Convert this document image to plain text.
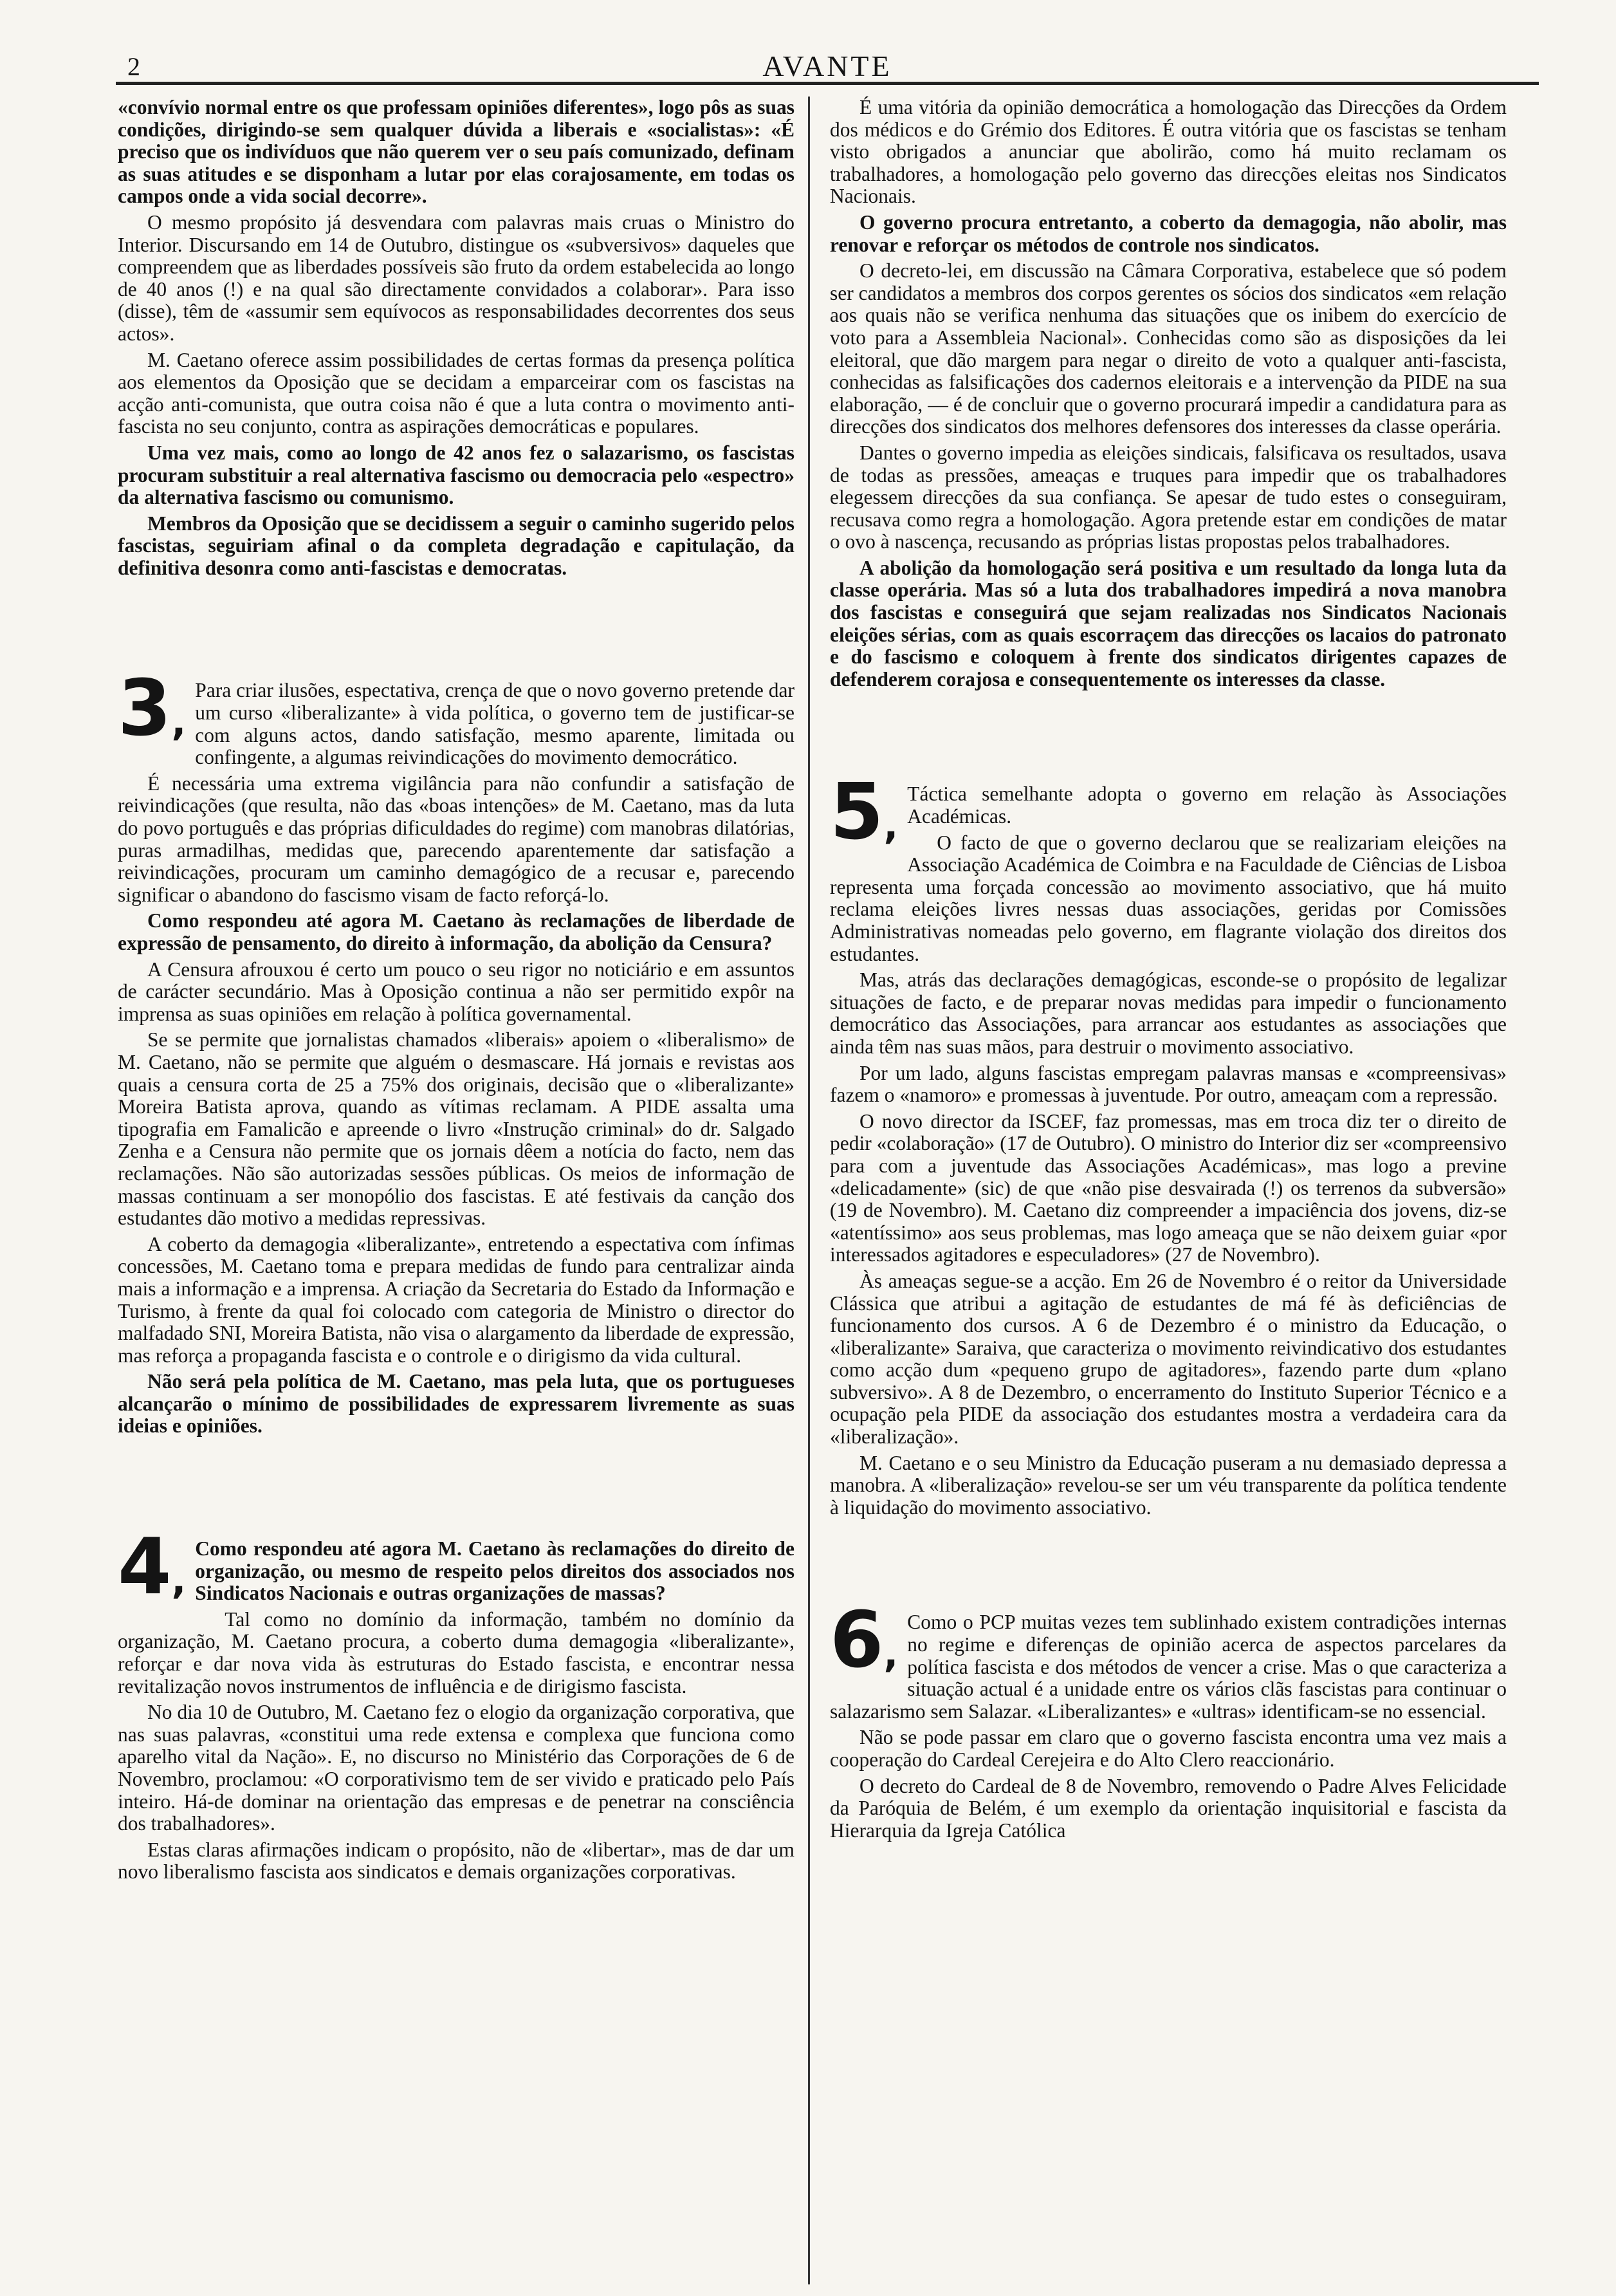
2	AVANTE

«convívio normal entre os que professam opiniões diferentes», logo pôs as suas condições, dirigindo-se sem qualquer dúvida a liberais e «socialistas»: «É preciso que os indivíduos que não querem ver o seu país comunizado, definam as suas atitudes e se disponham a lutar por elas corajosamente, em todas os campos onde a vida social decorre».

O mesmo propósito já desvendara com palavras mais cruas o Ministro do Interior. Discursando em 14 de Outubro, distingue os «subversivos» daqueles que compreendem que as liberdades possíveis são fruto da ordem estabelecida ao longo de 40 anos (!) e na qual são directamente convidados a colaborar». Para isso (disse), têm de «assumir sem equívocos as responsabilidades decorrentes dos seus actos».

M. Caetano oferece assim possibilidades de certas formas da presença política aos elementos da Oposição que se decidam a emparceirar com os fascistas na acção anti-comunista, que outra coisa não é que a luta contra o movimento anti-fascista no seu conjunto, contra as aspirações democráticas e populares.

Uma vez mais, como ao longo de 42 anos fez o salazarismo, os fascistas procuram substituir a real alternativa fascismo ou democracia pelo «espectro» da alternativa fascismo ou comunismo.

Membros da Oposição que se decidissem a seguir o caminho sugerido pelos fascistas, seguiriam afinal o da completa degradação e capitulação, da definitiva desonra como anti-fascistas e democratas.

3,

Para criar ilusões, espectativa, crença de que o novo governo pretende dar um curso «liberalizante» à vida política, o governo tem de justificar-se com alguns actos, dando satisfação, mesmo aparente, limitada ou confingente, a algumas reivindicações do movimento democrático.

É necessária uma extrema vigilância para não confundir a satisfação de reivindicações (que resulta, não das «boas intenções» de M. Caetano, mas da luta do povo português e das próprias dificuldades do regime) com manobras dilatórias, puras armadilhas, medidas que, parecendo aparentemente dar satisfação a reivindicações, procuram um caminho demagógico de a recusar e, parecendo significar o abandono do fascismo visam de facto reforçá-lo.

Como respondeu até agora M. Caetano às reclamações de liberdade de expressão de pensamento, do direito à informação, da abolição da Censura?

A Censura afrouxou é certo um pouco o seu rigor no noticiário e em assuntos de carácter secundário. Mas à Oposição continua a não ser permitido expôr na imprensa as suas opiniões em relação à política governamental.

Se se permite que jornalistas chamados «liberais» apoiem o «liberalismo» de M. Caetano, não se permite que alguém o desmascare. Há jornais e revistas aos quais a censura corta de 25 a 75% dos originais, decisão que o «liberalizante» Moreira Batista aprova, quando as vítimas reclamam. A PIDE assalta uma tipografia em Famalicão e apreende o livro «Instrução criminal» do dr. Salgado Zenha e a Censura não permite que os jornais dêem a notícia do facto, nem das reclamações. Não são autorizadas sessões públicas. Os meios de informação de massas continuam a ser monopólio dos fascistas. E até festivais da canção dos estudantes dão motivo a medidas repressivas.

A coberto da demagogia «liberalizante», entretendo a espectativa com ínfimas concessões, M. Caetano toma e prepara medidas de fundo para centralizar ainda mais a informação e a imprensa. A criação da Secretaria do Estado da Informação e Turismo, à frente da qual foi colocado com categoria de Ministro o director do malfadado SNI, Moreira Batista, não visa o alargamento da liberdade de expressão, mas reforça a propaganda fascista e o controle e o dirigismo da vida cultural.

Não será pela política de M. Caetano, mas pela luta, que os portugueses alcançarão o mínimo de possibilidades de expressarem livremente as suas ideias e opiniões.

4,

Como respondeu até agora M. Caetano às reclamações do direito de organização, ou mesmo de respeito pelos direitos dos associados nos Sindicatos Nacionais e outras organizações de massas?

Tal como no domínio da informação, também no domínio da organização, M. Caetano procura, a coberto duma demagogia «liberalizante», reforçar e dar nova vida às estruturas do Estado fascista, e encontrar nessa revitalização novos instrumentos de influência e de dirigismo fascista.

No dia 10 de Outubro, M. Caetano fez o elogio da organização corporativa, que nas suas palavras, «constitui uma rede extensa e complexa que funciona como aparelho vital da Nação». E, no discurso no Ministério das Corporações de 6 de Novembro, proclamou: «O corporativismo tem de ser vivido e praticado pelo País inteiro. Há-de dominar na orientação das empresas e de penetrar na consciência dos trabalhadores».

Estas claras afirmações indicam o propósito, não de «libertar», mas de dar um novo liberalismo fascista aos sindicatos e demais organizações corporativas.

É uma vitória da opinião democrática a homologação das Direcções da Ordem dos médicos e do Grémio dos Editores. É outra vitória que os fascistas se tenham visto obrigados a anunciar que abolirão, como há muito reclamam os trabalhadores, a homologação pelo governo das direcções eleitas nos Sindicatos Nacionais.

O governo procura entretanto, a coberto da demagogia, não abolir, mas renovar e reforçar os métodos de controle nos sindicatos.

O decreto-lei, em discussão na Câmara Corporativa, estabelece que só podem ser candidatos a membros dos corpos gerentes os sócios dos sindicatos «em relação aos quais não se verifica nenhuma das situações que os inibem do exercício de voto para a Assembleia Nacional». Conhecidas como são as disposições da lei eleitoral, que dão margem para negar o direito de voto a qualquer anti-fascista, conhecidas as falsificações dos cadernos eleitorais e a intervenção da PIDE na sua elaboração, — é de concluir que o governo procurará impedir a candidatura para as direcções dos sindicatos dos melhores defensores dos interesses da classe operária.

Dantes o governo impedia as eleições sindicais, falsificava os resultados, usava de todas as pressões, ameaças e truques para impedir que os trabalhadores elegessem direcções da sua confiança. Se apesar de tudo estes o conseguiram, recusava como regra a homologação. Agora pretende estar em condições de matar o ovo à nascença, recusando as próprias listas propostas pelos trabalhadores.

A abolição da homologação será positiva e um resultado da longa luta da classe operária. Mas só a luta dos trabalhadores impedirá a nova manobra dos fascistas e conseguirá que sejam realizadas nos Sindicatos Nacionais eleições sérias, com as quais escorraçem das direcções os lacaios do patronato e do fascismo e coloquem à frente dos sindicatos dirigentes capazes de defenderem corajosa e consequentemente os interesses da classe.

5,

Táctica semelhante adopta o governo em relação às Associações Académicas.

O facto de que o governo declarou que se realizariam eleições na Associação Académica de Coimbra e na Faculdade de Ciências de Lisboa representa uma forçada concessão ao movimento associativo, que há muito reclama eleições livres nessas duas associações, geridas por Comissões Administrativas nomeadas pelo governo, em flagrante violação dos direitos dos estudantes.

Mas, atrás das declarações demagógicas, esconde-se o propósito de legalizar situações de facto, e de preparar novas medidas para impedir o funcionamento democrático das Associações, para arrancar aos estudantes as associações que ainda têm nas suas mãos, para destruir o movimento associativo.

Por um lado, alguns fascistas empregam palavras mansas e «compreensivas» fazem o «namoro» e promessas à juventude. Por outro, ameaçam com a repressão.

O novo director da ISCEF, faz promessas, mas em troca diz ter o direito de pedir «colaboração» (17 de Outubro). O ministro do Interior diz ser «compreensivo para com a juventude das Associações Académicas», mas logo a previne «delicadamente» (sic) de que «não pise desvairada (!) os terrenos da subversão» (19 de Novembro). M. Caetano diz compreender a impaciência dos jovens, diz-se «atentíssimo» aos seus problemas, mas logo ameaça que se não deixem guiar «por interessados agitadores e especuladores» (27 de Novembro).

Às ameaças segue-se a acção. Em 26 de Novembro é o reitor da Universidade Clássica que atribui a agitação de estudantes de má fé às deficiências de funcionamento dos cursos. A 6 de Dezembro é o ministro da Educação, o «liberalizante» Saraiva, que caracteriza o movimento reivindicativo dos estudantes como acção dum «pequeno grupo de agitadores», fazendo parte dum «plano subversivo». A 8 de Dezembro, o encerramento do Instituto Superior Técnico e a ocupação pela PIDE da associação dos estudantes mostra a verdadeira cara da «liberalização».

M. Caetano e o seu Ministro da Educação puseram a nu demasiado depressa a manobra. A «liberalização» revelou-se ser um véu transparente da política tendente à liquidação do movimento associativo.

6,

Como o PCP muitas vezes tem sublinhado existem contradições internas no regime e diferenças de opinião acerca de aspectos parcelares da política fascista e dos métodos de vencer a crise. Mas o que caracteriza a situação actual é a unidade entre os vários clãs fascistas para continuar o salazarismo sem Salazar. «Liberalizantes» e «ultras» identificam-se no essencial.

Não se pode passar em claro que o governo fascista encontra uma vez mais a cooperação do Cardeal Cerejeira e do Alto Clero reaccionário.

O decreto do Cardeal de 8 de Novembro, removendo o Padre Alves Felicidade da Paróquia de Belém, é um exemplo da orientação inquisitorial e fascista da Hierarquia da Igreja Católica
